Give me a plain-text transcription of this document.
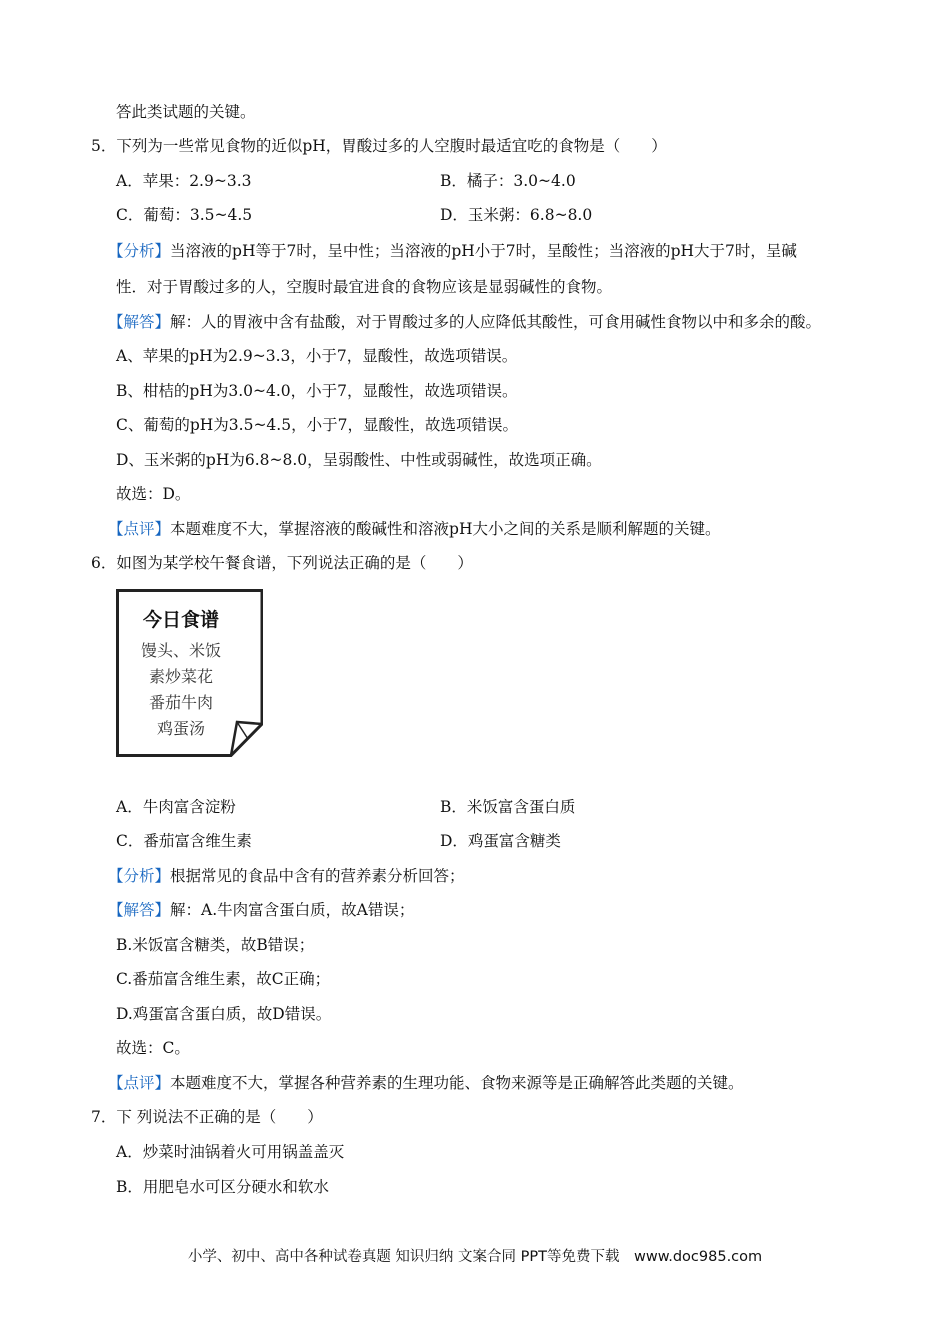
答此类试题的关键。
5．下列为一些常见食物的近似pH，胃酸过多的人空腹时最适宜吃的食物是（　　）
A．苹果：2.9~3.3	B．橘子：3.0~4.0
C．葡萄：3.5~4.5	D．玉米粥：6.8~8.0
【分析】当溶液的pH等于7时，呈中性；当溶液的pH小于7时，呈酸性；当溶液的pH大于7时，呈碱
性．对于胃酸过多的人，空腹时最宜进食的食物应该是显弱碱性的食物。
【解答】解：人的胃液中含有盐酸，对于胃酸过多的人应降低其酸性，可食用碱性食物以中和多余的酸。
A、苹果的pH为2.9~3.3，小于7，显酸性，故选项错误。
B、柑桔的pH为3.0~4.0，小于7，显酸性，故选项错误。
C、葡萄的pH为3.5~4.5，小于7，显酸性，故选项错误。
D、玉米粥的pH为6.8~8.0，呈弱酸性、中性或弱碱性，故选项正确。
故选：D。
【点评】本题难度不大，掌握溶液的酸碱性和溶液pH大小之间的关系是顺利解题的关键。
6．如图为某学校午餐食谱，下列说法正确的是（　　）
今日食谱
馒头、米饭
素炒菜花
番茄牛肉
鸡蛋汤
A．牛肉富含淀粉	B．米饭富含蛋白质
C．番茄富含维生素	D．鸡蛋富含糖类
【分析】根据常见的食品中含有的营养素分析回答；
【解答】解：A.牛肉富含蛋白质，故A错误；
B.米饭富含糖类，故B错误；
C.番茄富含维生素，故C正确；
D.鸡蛋富含蛋白质，故D错误。
故选：C。
【点评】本题难度不大，掌握各种营养素的生理功能、食物来源等是正确解答此类题的关键。
7．下 列说法不正确的是（　　）
A．炒菜时油锅着火可用锅盖盖灭
B．用肥皂水可区分硬水和软水
小学、初中、高中各种试卷真题 知识归纳 文案合同 PPT等免费下载　www.doc985.com
